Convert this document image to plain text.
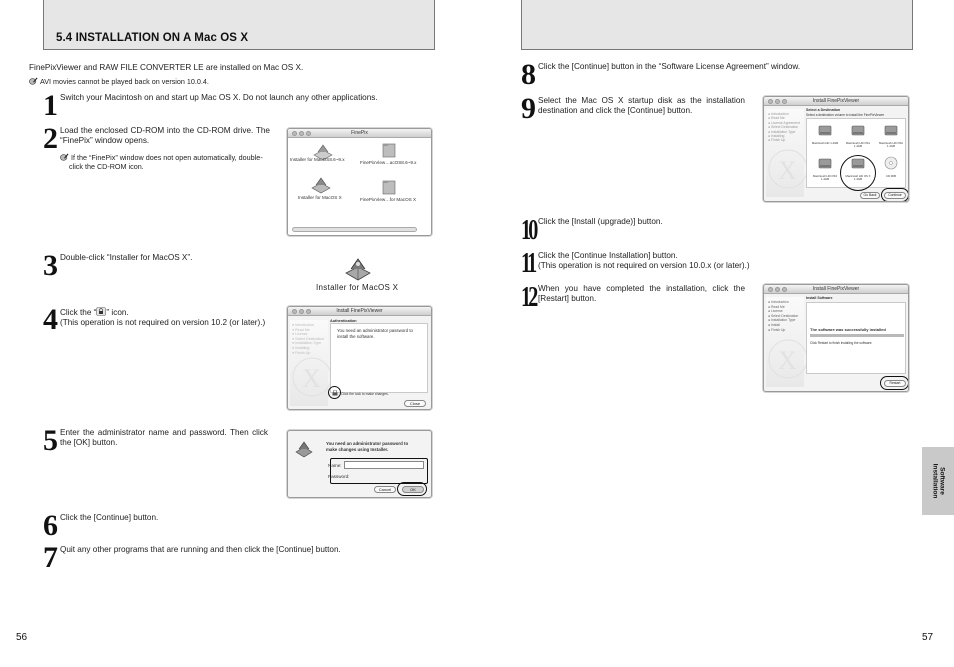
5.4 INSTALLATION ON A Mac OS X
FinePixViewer and RAW FILE CONVERTER LE are installed on Mac OS X.
AVI movies cannot be played back on version 10.0.4.
1 Switch your Macintosh on and start up Mac OS X. Do not launch any other applications.
2 Load the enclosed CD-ROM into the CD-ROM drive. The “FinePix” window opens.
If the “FinePix” window does not open automatically, double-click the CD-ROM icon.
FinePix
Installer for MacOS8.6~9.x
FinePixView…acOS8.6~9.x
Installer for MacOS X	FinePixView…for MacOS X
3 Double-click “Installer for MacOS X”.
Installer for MacOS X
4 Click the “ ” icon.
(This operation is not required on version 10.2 (or later).)
Install FinePixViewer
● Introduction
● Read Me
● License
● Select Destination
● Installation Type
● Installing
● Finish Up
X
Authentication
You need an administrator password to install the software.
Click the lock to make changes.
Close
5 Enter the administrator name and password. Then click the [OK] button.	You need an administrator password to make changes using Installer.
Name:
Password:
Cancel	OK
6 Click the [Continue] button.
7 Quit any other programs that are running and then click the [Continue] button.
56
8 Click the [Continue] button in the “Software License Agreement” window.
9 Select the Mac OS X startup disk as the installation destination and click the [Continue] button.
Install FinePixViewer
● Introduction
● Read Me
● License Agreement
● Select Destination
● Installation Type
● Installing
● Finish Up
X
Select a Destination
Select a destination volume to install the FinePixViewer
Macintosh HD 1.4GB	Macintosh HD OS1 1.4GB
Macintosh HD OS2 1.4GB
Macintosh HD OS3 1.4GB
Macintosh HD OS X 1.4GB
CD 0KB
Go Back	Continue
10 Click the [Install (upgrade)] button.
11 Click the [Continue Installation] button.
(This operation is not required on version 10.0.x (or later).)
12 When you have completed the installation, click the [Restart] button.
Install FinePixViewer
● Introduction
● Read Me
● License
● Select Destination
● Installation Type
● Install
● Finish Up
X
Install Software
The software was successfully installed
Click Restart to finish installing the software.
Restart
Software
Installation
57
